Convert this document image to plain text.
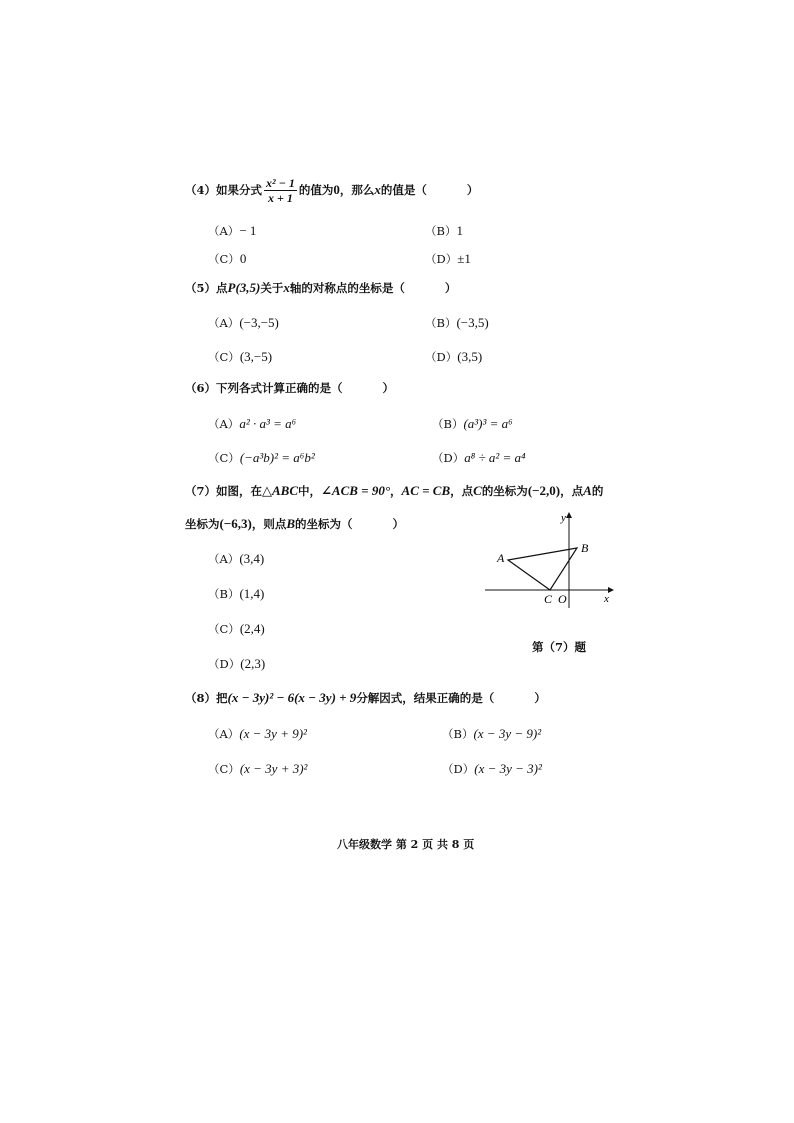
（4）如果分式 $\frac{\text{x² − 1}}{x + 1}$ 的值为0，那么x的值是（	）
（A）− 1	（B）1
（C）0	（D）±1
（5）点P(3,5)关于x轴的对称点的坐标是（	）
（A）(−3,−5)	（B）(−3,5)
（C）(3,−5)	（D）(3,5)
（6）下列各式计算正确的是（	）
（A）a² · a³ = a⁶	（B）(a³)³ = a⁶
（C）(−a³b)² = a⁶b²	（D）a⁸ ÷ a² = a⁴
（7）如图，在△ABC中，∠ACB = 90°，AC = CB，点C的坐标为(−2,0)，点A的
坐标为(−6,3)，则点B的坐标为（	）
（A）(3,4)
（B）(1,4)
（C）(2,4)
（D）(2,3)
A
B
C O	x
y
第（7）题
（8）把(x − 3y)² − 6(x − 3y) + 9分解因式，结果正确的是（	）
（A）(x − 3y + 9)²	（B）(x − 3y − 9)²
（C）(x − 3y + 3)²	（D）(x − 3y − 3)²
八年级数学 第 2 页 共 8 页
